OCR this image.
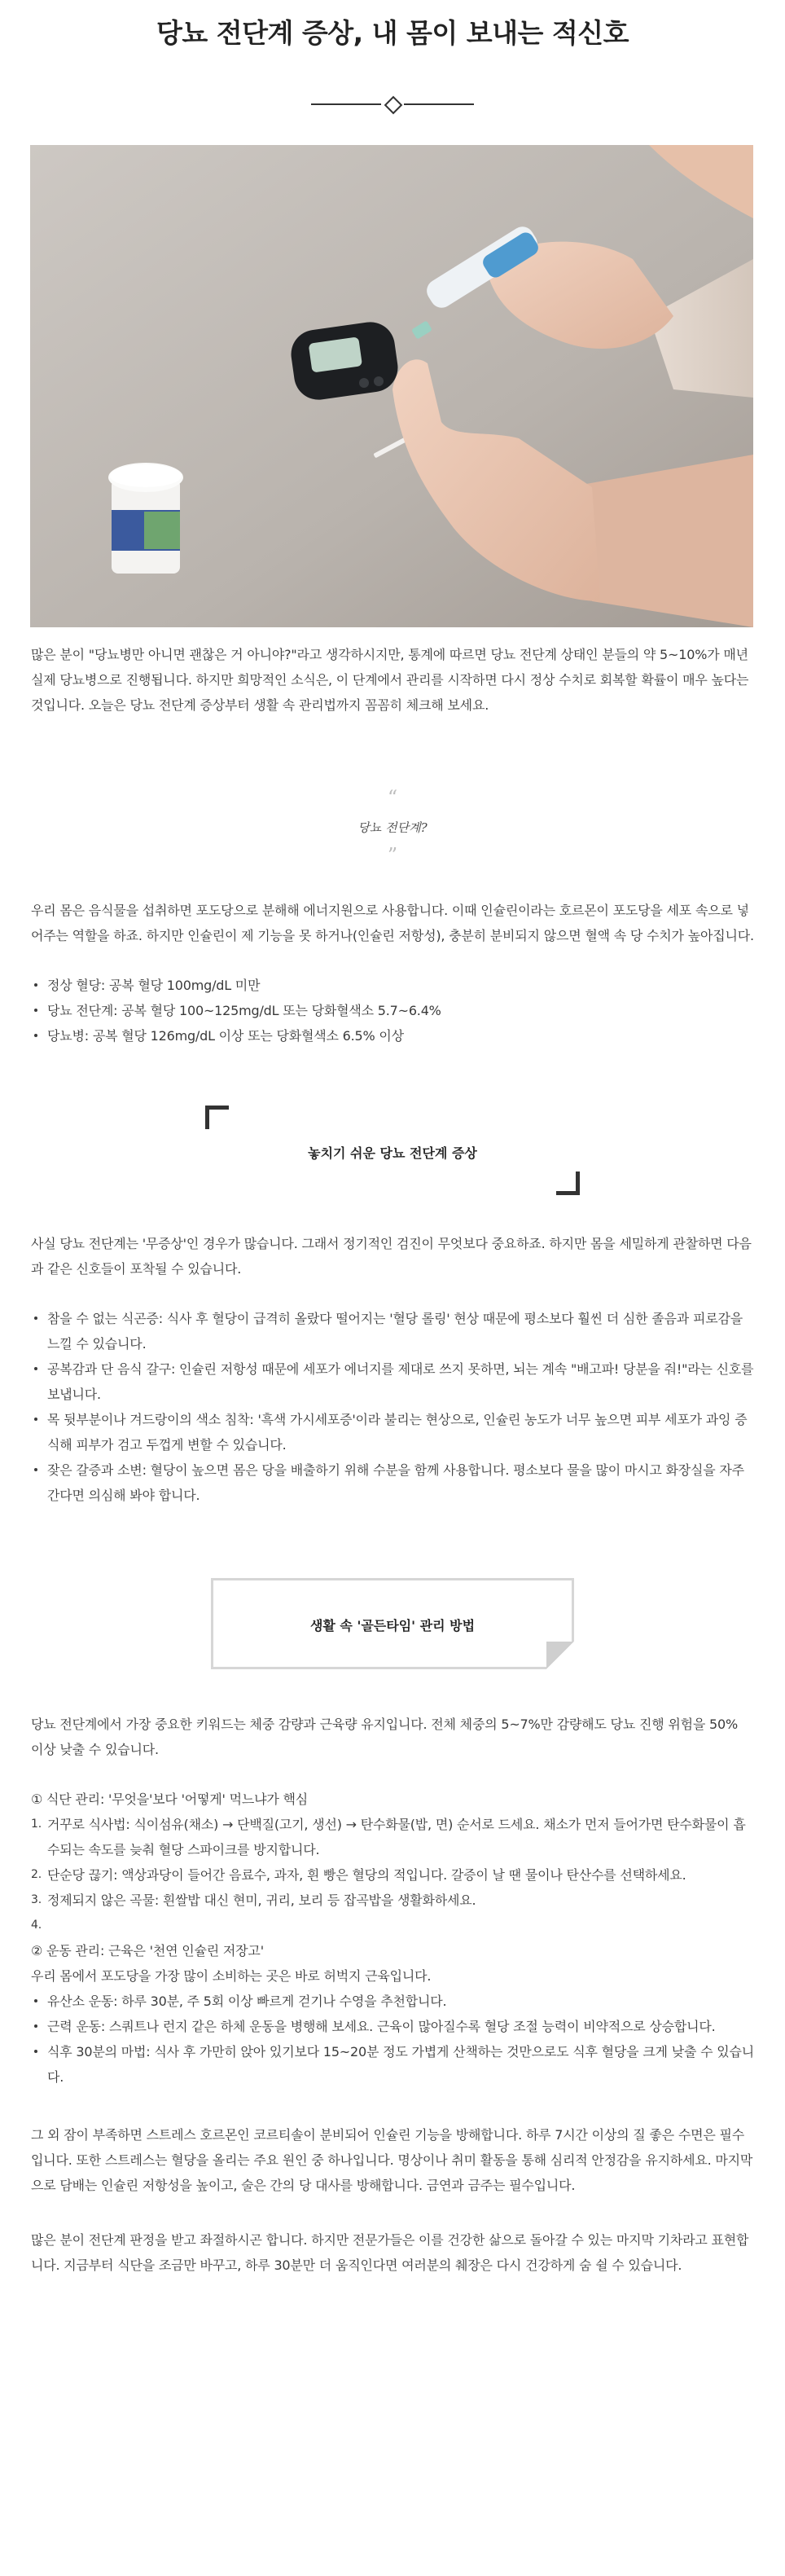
당뇨 전단계 증상, 내 몸이 보내는 적신호

많은 분이 "당뇨병만 아니면 괜찮은 거 아니야?"라고 생각하시지만, 통계에 따르면 당뇨 전단계 상태인 분들의 약 5~10%가 매년 실제 당뇨병으로 진행됩니다. 하지만 희망적인 소식은, 이 단계에서 관리를 시작하면 다시 정상 수치로 회복할 확률이 매우 높다는 것입니다. 오늘은 당뇨 전단계 증상부터 생활 속 관리법까지 꼼꼼히 체크해 보세요.

“
당뇨 전단계?
”

우리 몸은 음식물을 섭취하면 포도당으로 분해해 에너지원으로 사용합니다. 이때 인슐린이라는 호르몬이 포도당을 세포 속으로 넣어주는 역할을 하죠. 하지만 인슐린이 제 기능을 못 하거나(인슐린 저항성), 충분히 분비되지 않으면 혈액 속 당 수치가 높아집니다.

정상 혈당: 공복 혈당 100mg/dL 미만
당뇨 전단계: 공복 혈당 100~125mg/dL 또는 당화혈색소 5.7~6.4%
당뇨병: 공복 혈당 126mg/dL 이상 또는 당화혈색소 6.5% 이상
놓치기 쉬운 당뇨 전단계 증상

사실 당뇨 전단계는 '무증상'인 경우가 많습니다. 그래서 정기적인 검진이 무엇보다 중요하죠. 하지만 몸을 세밀하게 관찰하면 다음과 같은 신호들이 포착될 수 있습니다.

참을 수 없는 식곤증: 식사 후 혈당이 급격히 올랐다 떨어지는 '혈당 롤링' 현상 때문에 평소보다 훨씬 더 심한 졸음과 피로감을 느낄 수 있습니다.
공복감과 단 음식 갈구: 인슐린 저항성 때문에 세포가 에너지를 제대로 쓰지 못하면, 뇌는 계속 "배고파! 당분을 줘!"라는 신호를 보냅니다.
목 뒷부분이나 겨드랑이의 색소 침착: '흑색 가시세포증'이라 불리는 현상으로, 인슐린 농도가 너무 높으면 피부 세포가 과잉 증식해 피부가 검고 두껍게 변할 수 있습니다.
잦은 갈증과 소변: 혈당이 높으면 몸은 당을 배출하기 위해 수분을 함께 사용합니다. 평소보다 물을 많이 마시고 화장실을 자주 간다면 의심해 봐야 합니다.
생활 속 '골든타임' 관리 방법

당뇨 전단계에서 가장 중요한 키워드는 체중 감량과 근육량 유지입니다. 전체 체중의 5~7%만 감량해도 당뇨 진행 위험을 50% 이상 낮출 수 있습니다.

① 식단 관리: '무엇을'보다 '어떻게' 먹느냐가 핵심
1. 거꾸로 식사법: 식이섬유(채소) → 단백질(고기, 생선) → 탄수화물(밥, 면) 순서로 드세요. 채소가 먼저 들어가면 탄수화물이 흡수되는 속도를 늦춰 혈당 스파이크를 방지합니다.
2. 단순당 끊기: 액상과당이 들어간 음료수, 과자, 흰 빵은 혈당의 적입니다. 갈증이 날 땐 물이나 탄산수를 선택하세요.
3. 정제되지 않은 곡물: 흰쌀밥 대신 현미, 귀리, 보리 등 잡곡밥을 생활화하세요.
4.

② 운동 관리: 근육은 '천연 인슐린 저장고'
우리 몸에서 포도당을 가장 많이 소비하는 곳은 바로 허벅지 근육입니다.
유산소 운동: 하루 30분, 주 5회 이상 빠르게 걷기나 수영을 추천합니다.
근력 운동: 스쿼트나 런지 같은 하체 운동을 병행해 보세요. 근육이 많아질수록 혈당 조절 능력이 비약적으로 상승합니다.
식후 30분의 마법: 식사 후 가만히 앉아 있기보다 15~20분 정도 가볍게 산책하는 것만으로도 식후 혈당을 크게 낮출 수 있습니다.

그 외 잠이 부족하면 스트레스 호르몬인 코르티솔이 분비되어 인슐린 기능을 방해합니다. 하루 7시간 이상의 질 좋은 수면은 필수입니다. 또한 스트레스는 혈당을 올리는 주요 원인 중 하나입니다. 명상이나 취미 활동을 통해 심리적 안정감을 유지하세요. 마지막으로 담배는 인슐린 저항성을 높이고, 술은 간의 당 대사를 방해합니다. 금연과 금주는 필수입니다.

많은 분이 전단계 판정을 받고 좌절하시곤 합니다. 하지만 전문가들은 이를 건강한 삶으로 돌아갈 수 있는 마지막 기차라고 표현합니다. 지금부터 식단을 조금만 바꾸고, 하루 30분만 더 움직인다면 여러분의 췌장은 다시 건강하게 숨 쉴 수 있습니다.
